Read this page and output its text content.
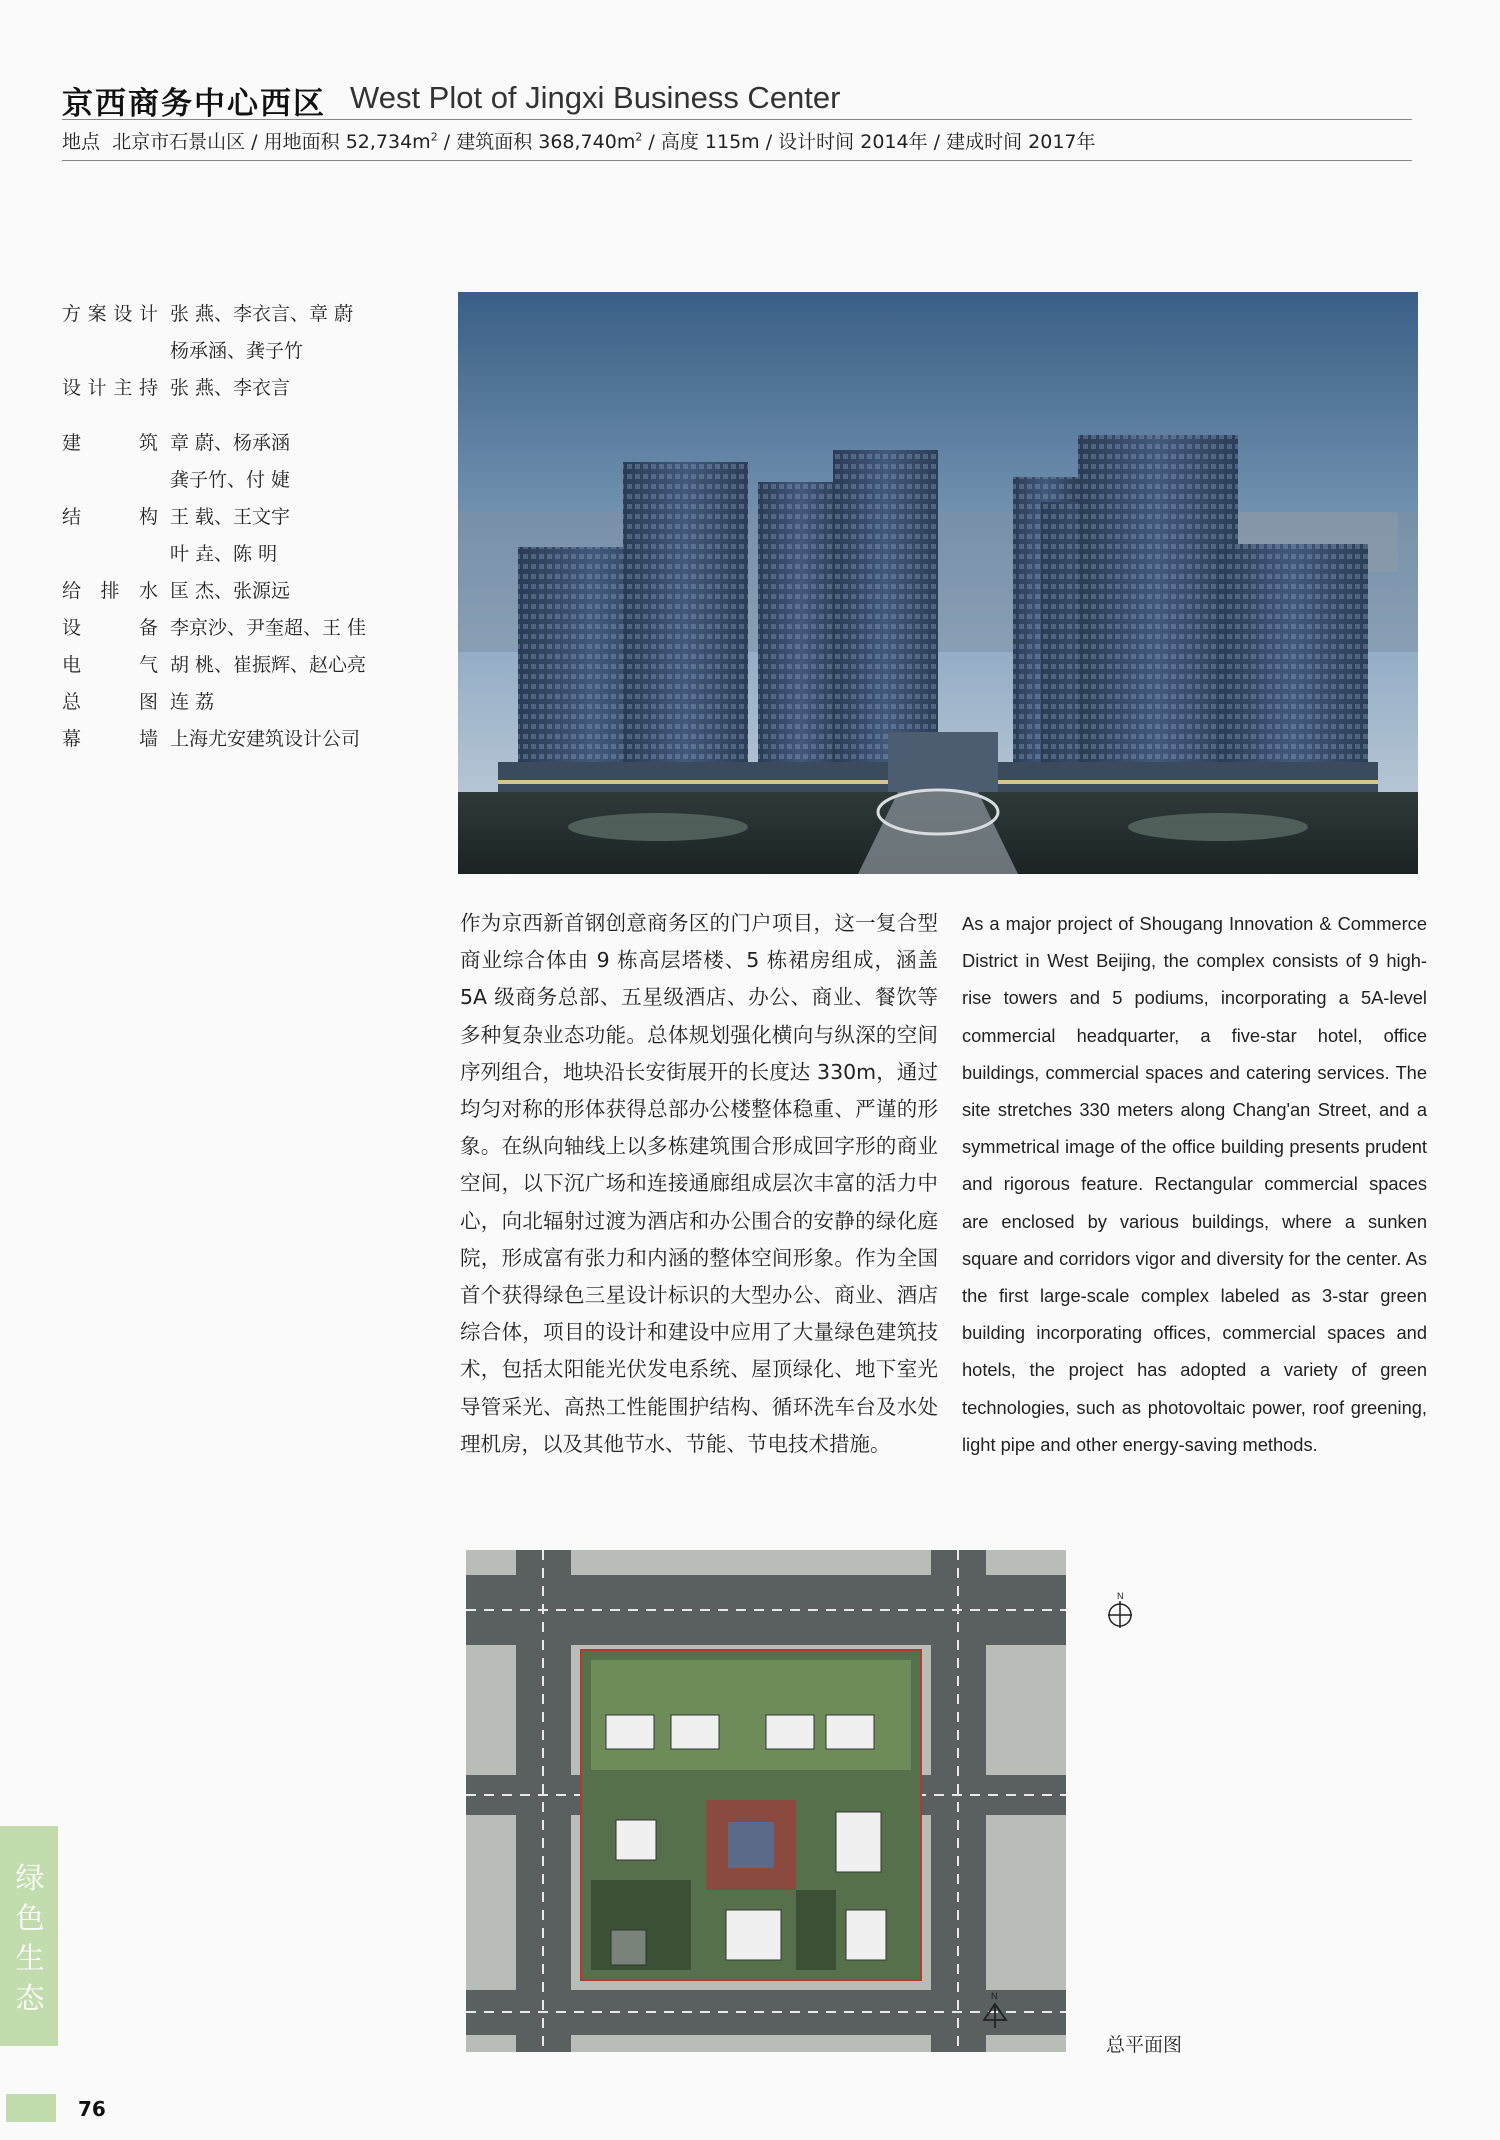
京西商务中心西区 West Plot of Jingxi Business Center
地点 北京市石景山区 / 用地面积 $52,734m^2$ / 建筑面积 $368,740m^2$ / 高度 115m / 设计时间 2014年 / 建成时间 2017年
方案设计 张 燕、李衣言、章 蔚
杨承涵、龚子竹
设计主持 张 燕、李衣言
建筑 章 蔚、杨承涵
龚子竹、付 婕
结构 王 载、王文宇
叶 垚、陈 明
给排水 匡 杰、张源远
设备 李京沙、尹奎超、王 佳
电气 胡 桃、崔振辉、赵心亮
总图 连 荔
幕墙 上海尤安建筑设计公司
作为京西新首钢创意商务区的门户项目，这一复合型商业综合体由 9 栋高层塔楼、5 栋裙房组成，涵盖 5A 级商务总部、五星级酒店、办公、商业、餐饮等多种复杂业态功能。总体规划强化横向与纵深的空间序列组合，地块沿长安街展开的长度达 330m，通过均匀对称的形体获得总部办公楼整体稳重、严谨的形象。在纵向轴线上以多栋建筑围合形成回字形的商业空间，以下沉广场和连接通廊组成层次丰富的活力中心，向北辐射过渡为酒店和办公围合的安静的绿化庭院，形成富有张力和内涵的整体空间形象。作为全国首个获得绿色三星设计标识的大型办公、商业、酒店综合体，项目的设计和建设中应用了大量绿色建筑技术，包括太阳能光伏发电系统、屋顶绿化、地下室光导管采光、高热工性能围护结构、循环洗车台及水处理机房，以及其他节水、节能、节电技术措施。
As a major project of Shougang Innovation & Commerce District in West Beijing, the complex consists of 9 high-rise towers and 5 podiums, incorporating a 5A-level commercial headquarter, a five-star hotel, office buildings, commercial spaces and catering services. The site stretches 330 meters along Chang'an Street, and a symmetrical image of the office building presents prudent and rigorous feature. Rectangular commercial spaces are enclosed by various buildings, where a sunken square and corridors vigor and diversity for the center. As the first large-scale complex labeled as 3-star green building incorporating offices, commercial spaces and hotels, the project has adopted a variety of green technologies, such as photovoltaic power, roof greening, light pipe and other energy-saving methods.
N
N
总平面图
绿色生态
76
